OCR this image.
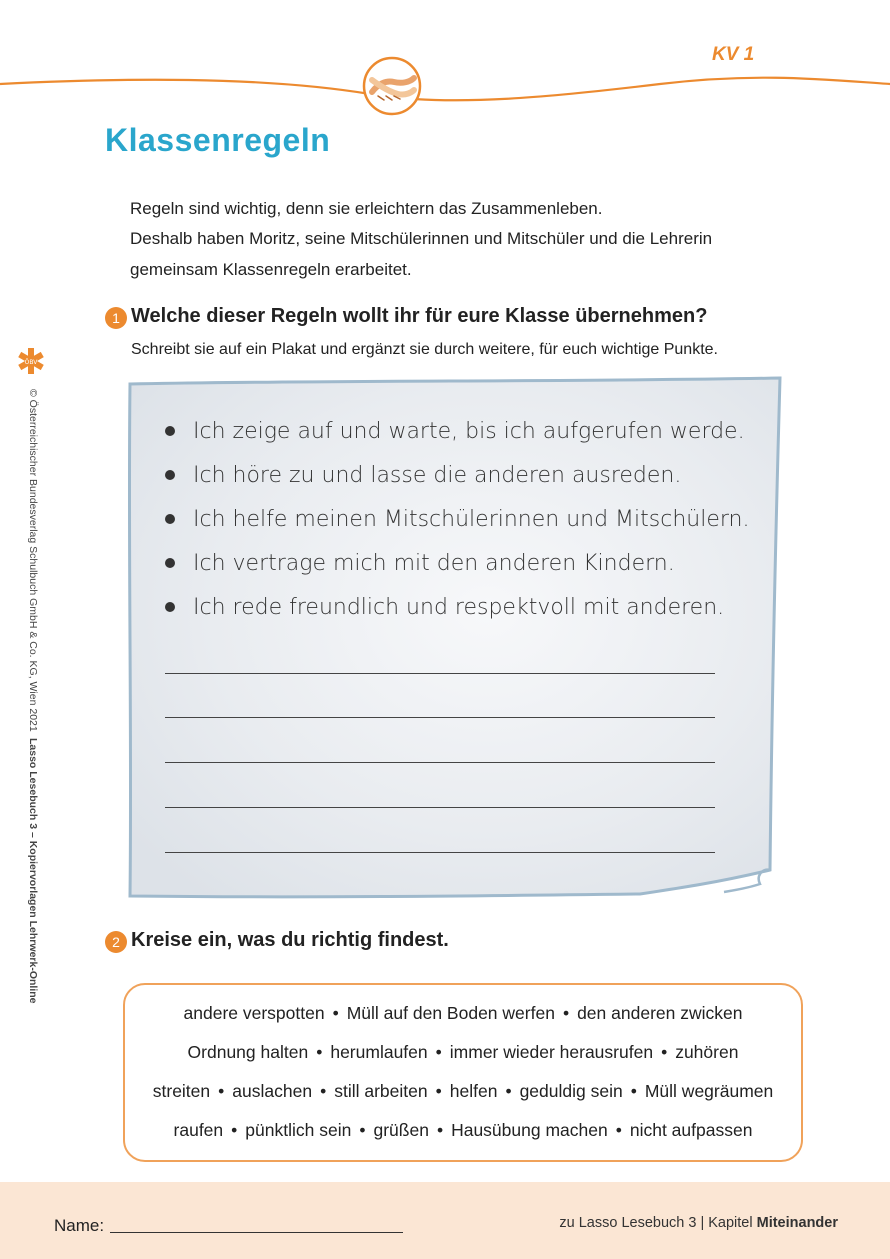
KV 1
Klassenregeln
Regeln sind wichtig, denn sie erleichtern das Zusammenleben.
Deshalb haben Moritz, seine Mitschülerinnen und Mitschüler und die Lehrerin
gemeinsam Klassenregeln erarbeitet.
1 Welche dieser Regeln wollt ihr für eure Klasse übernehmen?
Schreibt sie auf ein Plakat und ergänzt sie durch weitere, für euch wichtige Punkte.
Ich zeige auf und warte, bis ich aufgerufen werde.
Ich höre zu und lasse die anderen ausreden.
Ich helfe meinen Mitschülerinnen und Mitschülern.
Ich vertrage mich mit den anderen Kindern.
Ich rede freundlich und respektvoll mit anderen.
2 Kreise ein, was du richtig findest.
andere verspotten • Müll auf den Boden werfen • den anderen zwicken
Ordnung halten • herumlaufen • immer wieder herausrufen • zuhören
streiten • auslachen • still arbeiten • helfen • geduldig sein • Müll wegräumen
raufen • pünktlich sein • grüßen • Hausübung machen • nicht aufpassen
ÖBV
© Österreichischer Bundesverlag Schulbuch GmbH & Co. KG, Wien 2021
Lasso Lesebuch 3 – Kopiervorlagen Lehrwerk-Online
Name:	zu Lasso Lesebuch 3 | Kapitel Miteinander
